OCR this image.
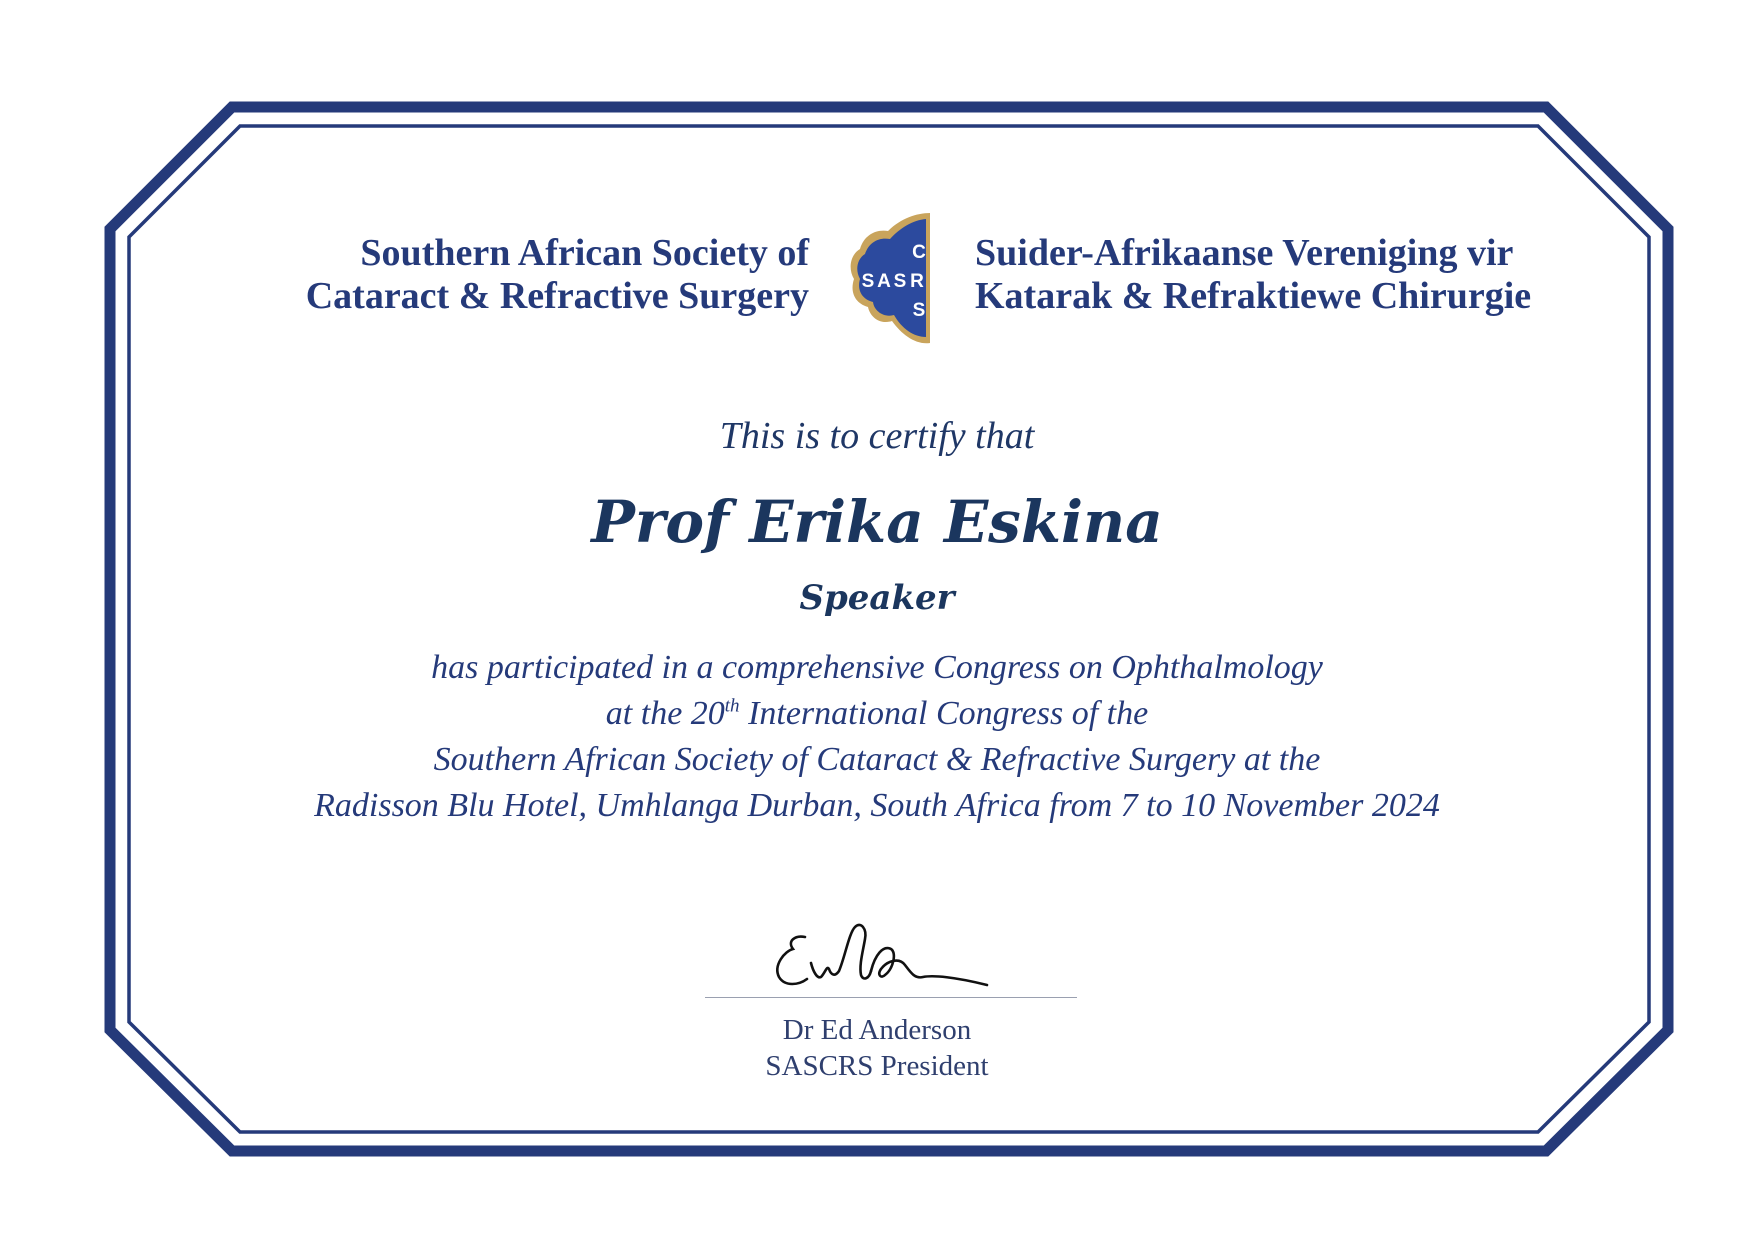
Southern African Society of
Cataract & Refractive Surgery	S A S
C
R
S
Suider-Afrikaanse Vereniging vir
Katarak & Refraktiewe Chirurgie
This is to certify that
Prof Erika Eskina
Speaker
has participated in a comprehensive Congress on Ophthalmology
at the 20th International Congress of the
Southern African Society of Cataract & Refractive Surgery at the
Radisson Blu Hotel, Umhlanga Durban, South Africa from 7 to 10 November 2024
Dr Ed Anderson
SASCRS President
